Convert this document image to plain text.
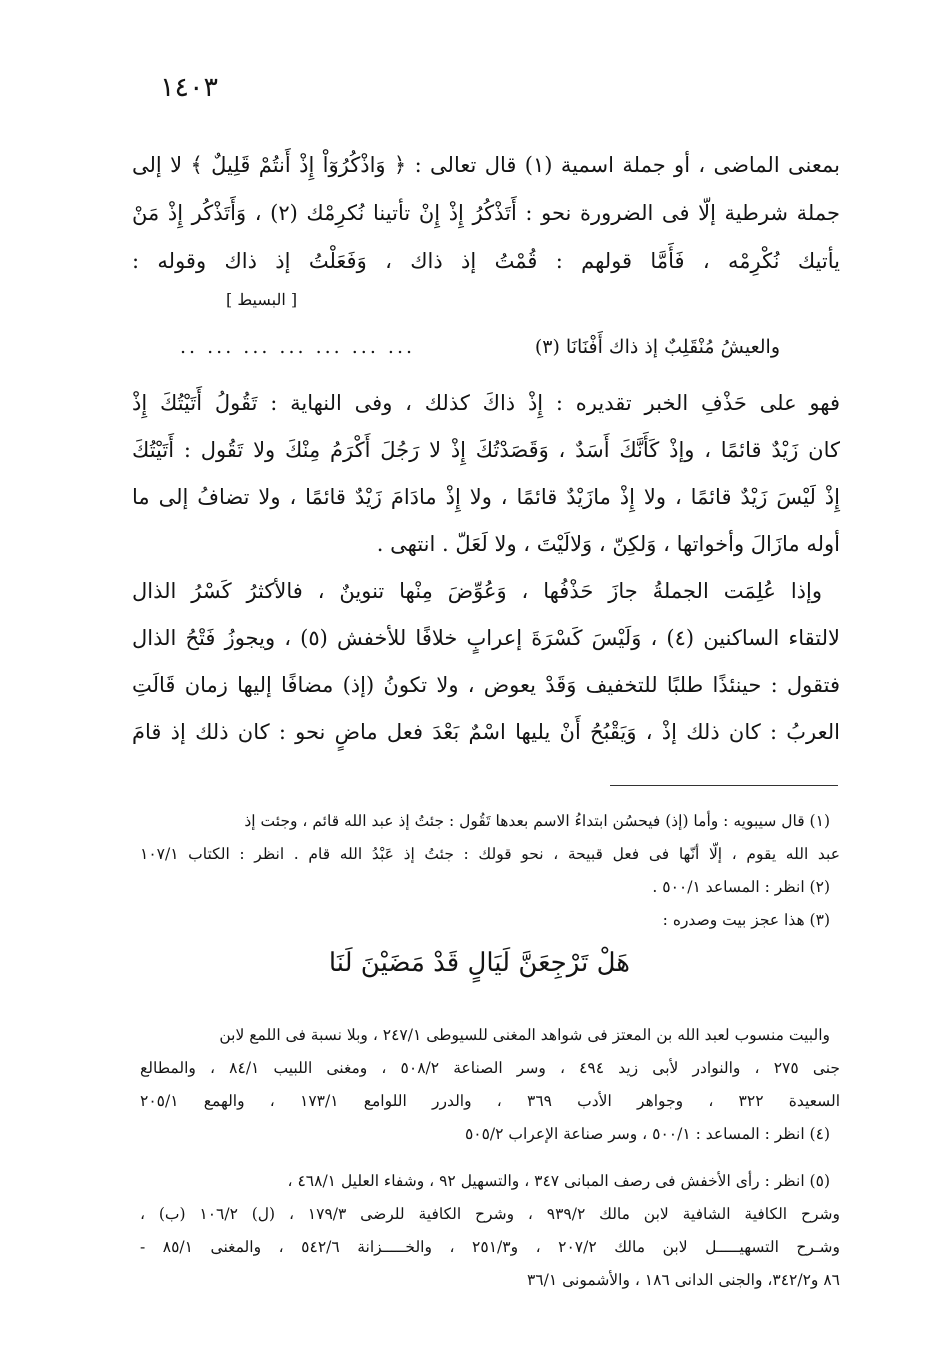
١٤٠٣
بمعنى الماضى ، أو جملة اسمية (١) قال تعالى : ﴿ وَاذْكُرُوٓاْ إِذْ أَنتُمْ قَلِيلٌ ﴾ لا إلى
جملة شرطية إلّا فى الضرورة نحو : أَتَذْكُرُ إِذْ إِنْ تأتينا نُكرِمْك (٢) ، وَأَتَذْكُر إِذْ مَنْ
يأتيك نُكْرِمْه ، فَأَمَّا قولهم : قُمْتُ إذ ذاك ، وَفَعَلْتُ إذ ذاك وقوله :
[ البسيط ]
... ... ... ... ... ... ..	والعيشُ مُنْقَلِبٌ إذ ذاك أَفْنَانَا (٣)
فهو على حَذْفِ الخبر تقديره : إِذْ ذاكَ كذلك ، وفى النهاية : تَقُولُ أَتَيْتُكَ إِذْ
كان زَيْدٌ قائمًا ، وإذْ كَأَنَّكَ أَسَدٌ ، وَقَصَدْتُكَ إِذْ لا رَجُلَ أَكْرَمُ مِنْكَ ولا تَقُول : أَتَيْتُكَ
إِذْ لَيْسَ زَيْدٌ قائمًا ، ولا إِذْ مازَيْدٌ قائمًا ، ولا إِذْ مادَامَ زَيْدٌ قائمًا ، ولا تضافُ إلى ما
أوله مازَالَ وأخواتها ، وَلكِنّ ، وَلالَيْتَ ، ولا لَعَلّ . انتهى .
وإذا عُلِمَت الجملةُ جازَ حَذْفُها ، وَعُوِّضَ مِنْها تنوينٌ ، فالأكثرُ كَسْرُ الذال
لالتقاء الساكنين (٤) ، وَلَيْسَ كَسْرَةَ إعرابٍ خلافًا للأخفش (٥) ، ويجوزُ فَتْحُ الذال
فتقول : حينئذًا طلبًا للتخفيف وَقَدْ يعوض ، ولا تكونُ (إذ) مضافًا إليها زمان قَالَتِ
العربُ : كان ذلك إذْ ، وَيَقْبُحُ أَنْ يليها اسْمٌ بَعْدَ فعل ماضٍ نحو : كان ذلك إذ قامَ
(١) قال سيبويه : وأما (إذ) فيحسُن ابتداءُ الاسم بعدها تَقُول : جئتُ إذ عبد الله قائم ، وجئت إذ
عبد الله يقوم ، إلّا أنّها فى فعل قبيحة ، نحو قولك : جئتُ إذ عَبْدُ الله قام . انظر : الكتاب ١٠٧/١
(٢) انظر : المساعد ٥٠٠/١ .
(٣) هذا عجز بيت وصدره :
هَلْ تَرْجِعَنَّ لَيَالٍ قَدْ مَضَيْنَ لَنَا
والبيت منسوب لعبد الله بن المعتز فى شواهد المغنى للسيوطى ٢٤٧/١ ، وبلا نسبة فى اللمع لابن
جنى ٢٧٥ ، والنوادر لأبى زيد ٤٩٤ ، وسر الصناعة ٥٠٨/٢ ، ومغنى اللبيب ٨٤/١ ، والمطالع
السعيدة ٣٢٢ ، وجواهر الأدب ٣٦٩ ، والدرر اللوامع ١٧٣/١ ، والهمع ٢٠٥/١
(٤) انظر : المساعد : ٥٠٠/١ ، وسر صناعة الإعراب ٥٠٥/٢
(٥) انظر : رأى الأخفش فى رصف المبانى ٣٤٧ ، والتسهيل ٩٢ ، وشفاء العليل ٤٦٨/١ ،
وشرح الكافية الشافية لابن مالك ٩٣٩/٢ ، وشرح الكافية للرضى ١٧٩/٣ ، (ل) ١٠٦/٢ (ب) ،
وشـرح التسهيـــــل لابن مالك ٢٠٧/٢ ، و٢٥١/٣ ، والخـــــزانة ٥٤٢/٦ ، والمغنى ٨٥/١ -
٨٦ و٣٤٢/٢، والجنى الدانى ١٨٦ ، والأشمونى ٣٦/١
